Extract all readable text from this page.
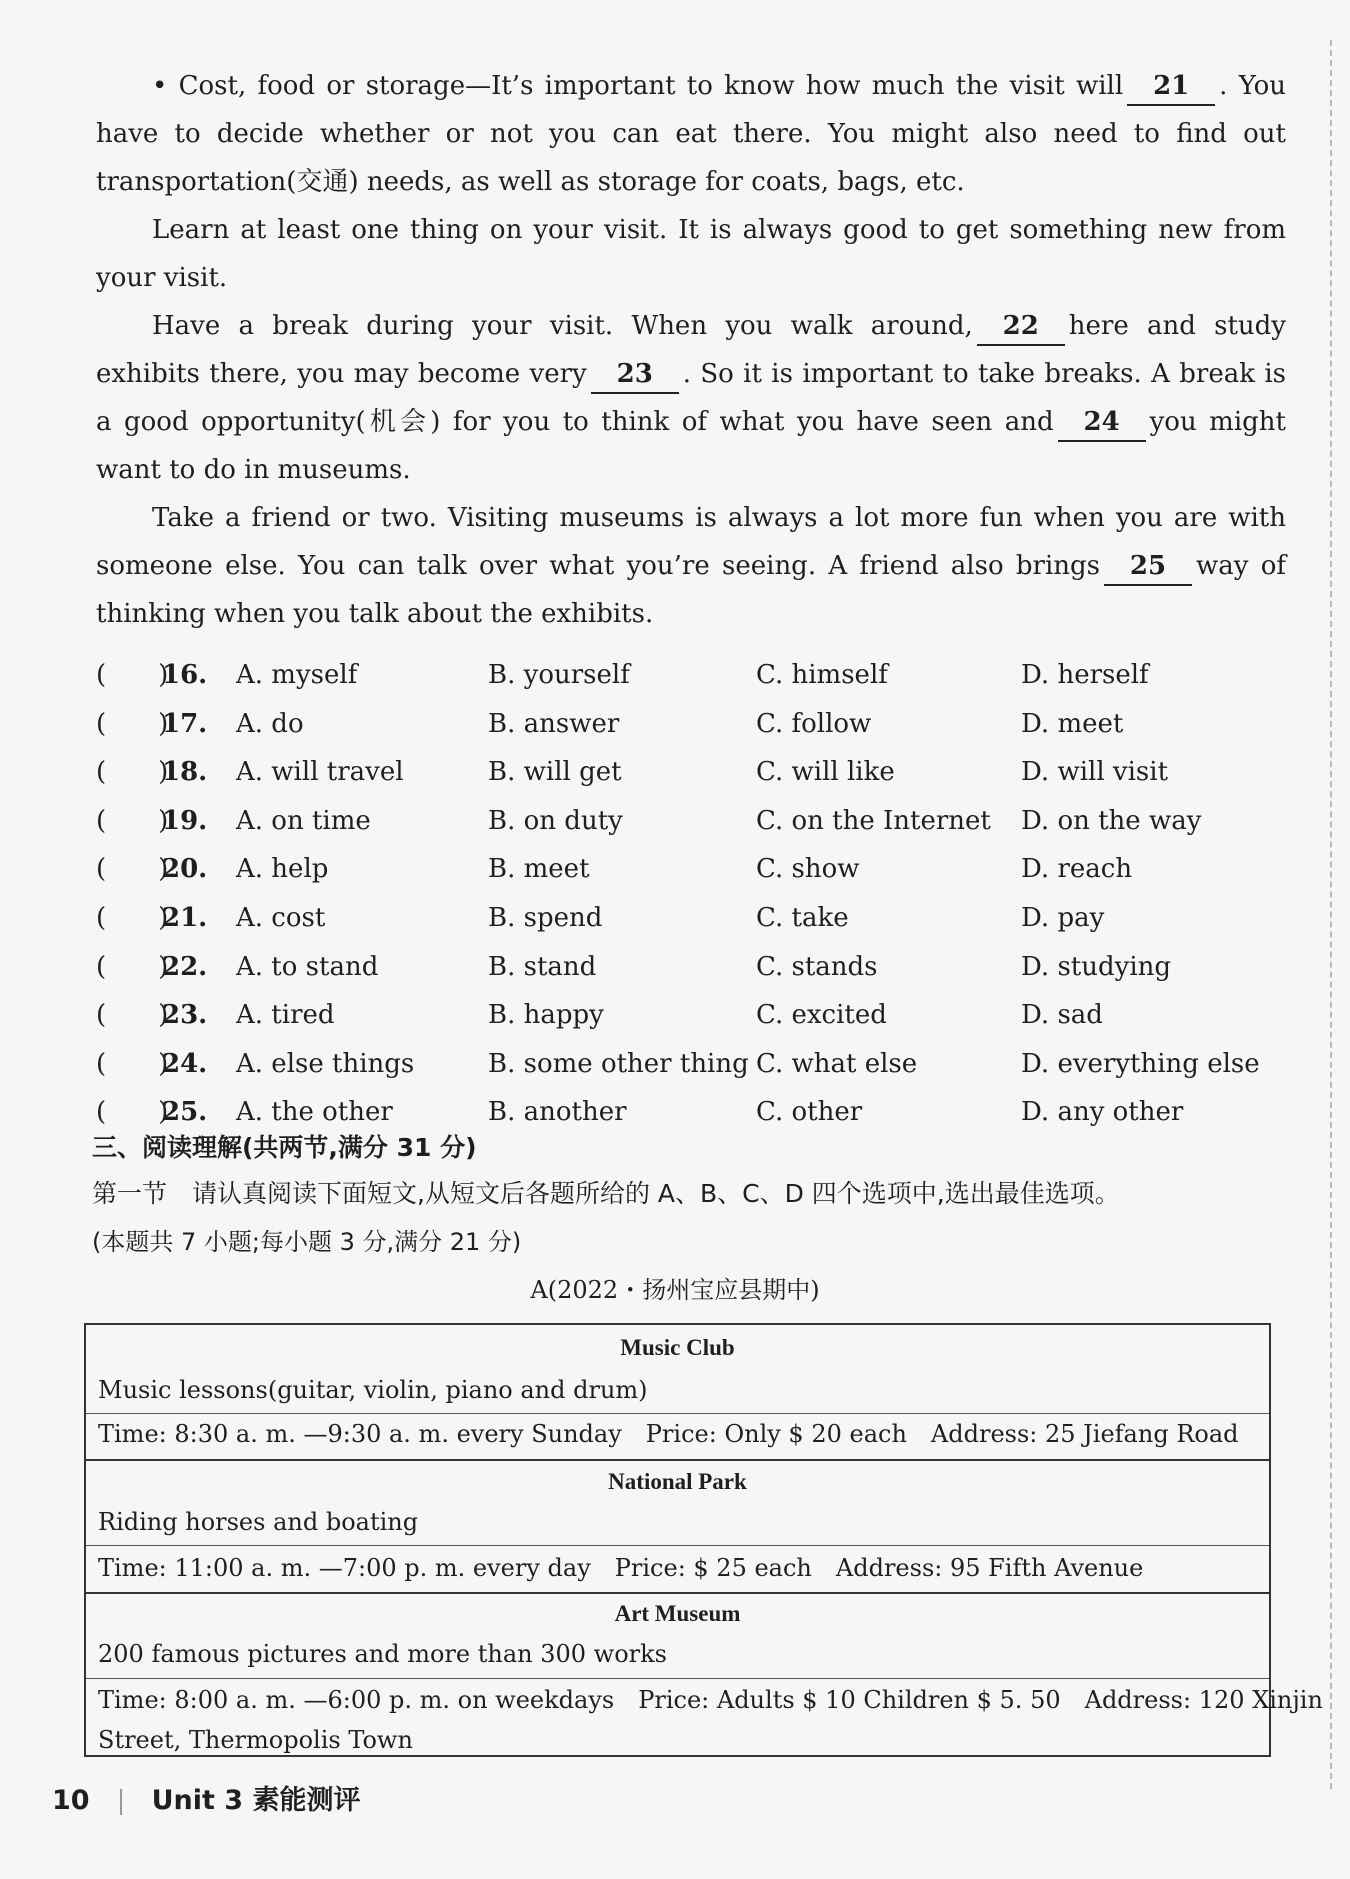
• Cost, food or storage—It’s important to know how much the visit will 21 . You have to decide whether or not you can eat there. You might also need to find out transportation(交通) needs, as well as storage for coats, bags, etc.

Learn at least one thing on your visit. It is always good to get something new from your visit.

Have a break during your visit. When you walk around, 22 here and study exhibits there, you may become very 23 . So it is important to take breaks. A break is a good opportunity(机会) for you to think of what you have seen and 24 you might want to do in museums.

Take a friend or two. Visiting museums is always a lot more fun when you are with someone else. You can talk over what you’re seeing. A friend also brings 25 way of thinking when you talk about the exhibits.

(　　)
16. A. myself	B. yourself	C. himself	D. herself
(　　)
17. A. do	B. answer	C. follow	D. meet
(　　)
18. A. will travel	B. will get	C. will like	D. will visit
(　　)
19. A. on time	B. on duty	C. on the Internet D. on the way
(　　)
20. A. help	B. meet	C. show	D. reach
(　　)
21. A. cost	B. spend	C. take	D. pay
(　　)
22. A. to stand	B. stand	C. stands	D. studying
(　　)
23. A. tired	B. happy	C. excited	D. sad
(　　)
24. A. else things	B. some other thing C. what else	D. everything else
(　　)
25. A. the other	B. another	C. other	D. any other
三、阅读理解(共两节,满分 31 分)
第一节　请认真阅读下面短文,从短文后各题所给的 A、B、C、D 四个选项中,选出最佳选项。
(本题共 7 小题;每小题 3 分,满分 21 分)
A(2022・扬州宝应县期中)
Music Club
Music lessons(guitar, violin, piano and drum)
Time: 8:30 a. m. —9:30 a. m. every Sunday Price: Only $ 20 each Address: 25 Jiefang Road
National Park
Riding horses and boating
Time: 11:00 a. m. —7:00 p. m. every day Price: $ 25 each Address: 95 Fifth Avenue
Art Museum
200 famous pictures and more than 300 works
Time: 8:00 a. m. —6:00 p. m. on weekdays Price: Adults $ 10 Children $ 5. 50 Address: 120 Xinjin
Street, Thermopolis Town
10 Unit 3 素能测评
